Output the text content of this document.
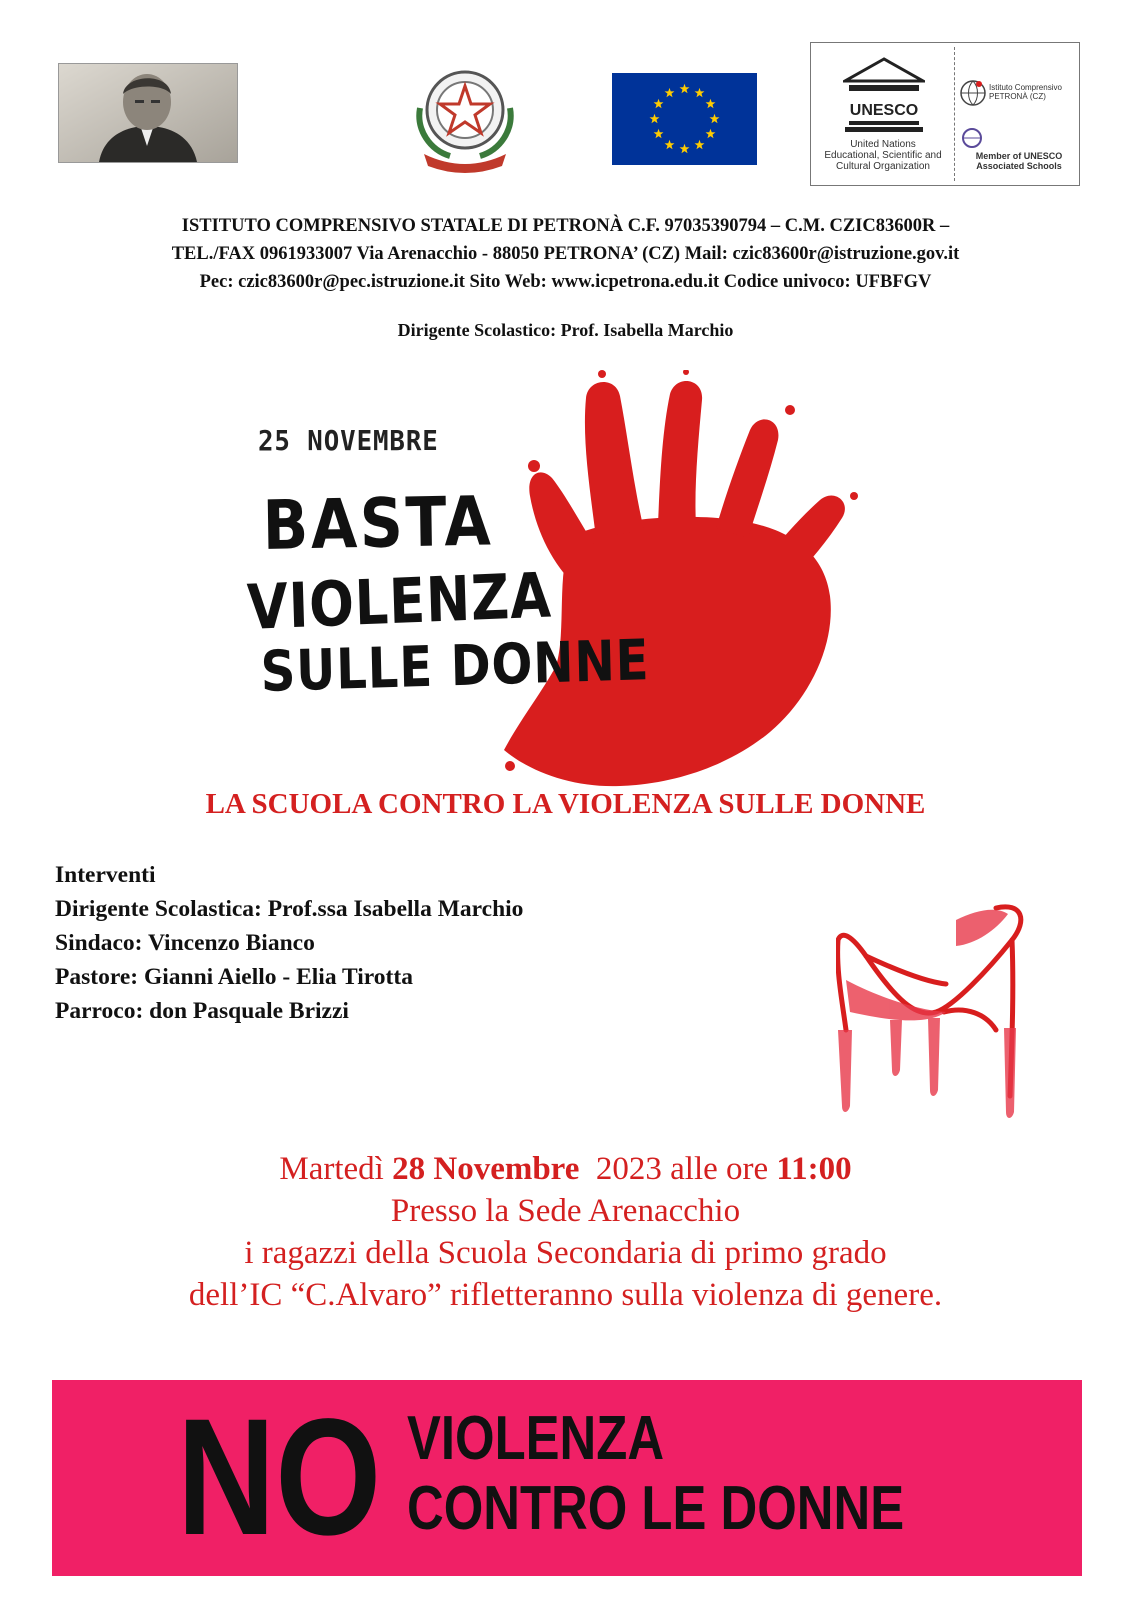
UNESCO
United Nations
Educational, Scientific and
Cultural Organization
Istituto Comprensivo PETRONÀ (CZ)
Member of UNESCO Associated Schools
ISTITUTO COMPRENSIVO STATALE DI PETRONÀ C.F. 97035390794 – C.M. CZIC83600R –
TEL./FAX 0961933007 Via Arenacchio - 88050 PETRONA’ (CZ) Mail: czic83600r@istruzione.gov.it
Pec: czic83600r@pec.istruzione.it Sito Web: www.icpetrona.edu.it Codice univoco: UFBFGV
Dirigente Scolastico: Prof. Isabella Marchio
25 NOVEMBRE
BASTA
VIOLENZA
SULLE DONNE
LA SCUOLA CONTRO LA VIOLENZA SULLE DONNE
Interventi
Dirigente Scolastica: Prof.ssa Isabella Marchio
Sindaco: Vincenzo Bianco
Pastore: Gianni Aiello - Elia Tirotta
Parroco: don Pasquale Brizzi
Martedì 28 Novembre 2023 alle ore 11:00
Presso la Sede Arenacchio
i ragazzi della Scuola Secondaria di primo grado
dell’IC “C.Alvaro” rifletteranno sulla violenza di genere.
NO VIOLENZA
CONTRO LE DONNE
